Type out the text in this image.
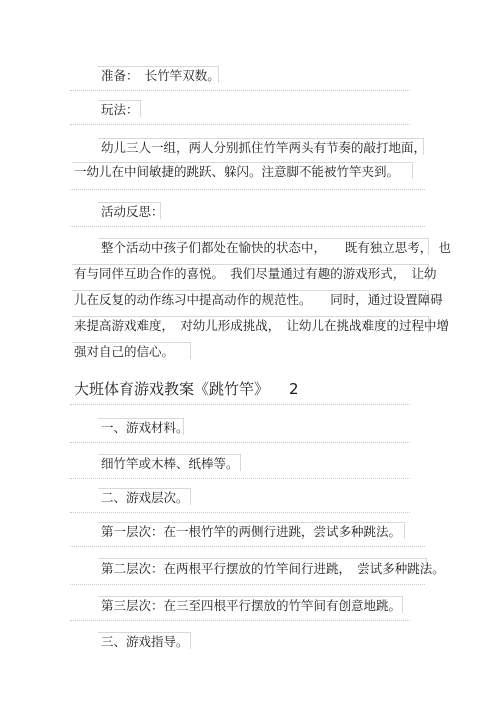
准备：　长竹竿双数。
玩法：
幼儿三人一组，两人分别抓住竹竿两头有节奏的敲打地面，
一幼儿在中间敏捷的跳跃、躲闪。注意脚不能被竹竿夹到。
活动反思：
整个活动中孩子们都处在愉快的状态中，　　既有独立思考，　也
有与同伴互助合作的喜悦。　我们尽量通过有趣的游戏形式，　让幼
儿在反复的动作练习中提高动作的规范性。　　同时，通过设置障碍
来提高游戏难度，　对幼儿形成挑战，　让幼儿在挑战难度的过程中增
强对自己的信心。
大班体育游戏教案《跳竹竿》 2
一、游戏材料。
细竹竿或木棒、纸棒等。
二、游戏层次。
第一层次：在一根竹竿的两侧行进跳，尝试多种跳法。
第二层次：在两根平行摆放的竹竿间行进跳，　尝试多种跳法。
第三层次：在三至四根平行摆放的竹竿间有创意地跳。
三、游戏指导。
